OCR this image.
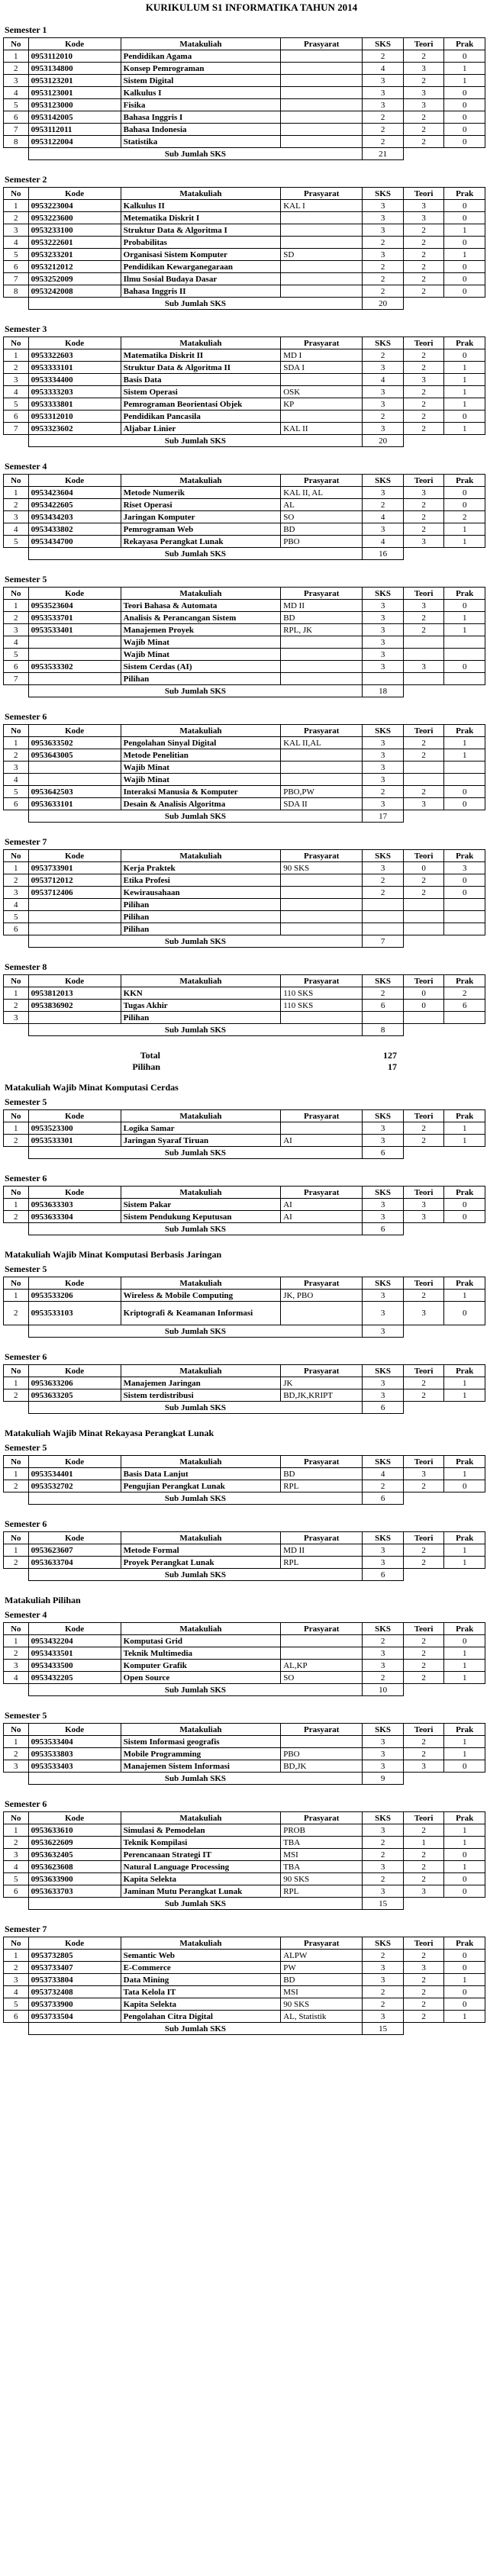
KURIKULUM S1 INFORMATIKA TAHUN 2014
Semester 1
No	Kode	Matakuliah	Prasyarat	SKS	Teori	Prak
1	0953112010	Pendidikan Agama		2	2	0
2	0953134800	Konsep Pemrograman		4	3	1
3	0953123201	Sistem Digital		3	2	1
4	0953123001	Kalkulus I		3	3	0
5	0953123000	Fisika		3	3	0
6	0953142005	Bahasa Inggris I		2	2	0
7	0953112011	Bahasa Indonesia		2	2	0
8	0953122004	Statistika		2	2	0
	Sub Jumlah SKS			21		
Semester 2
No	Kode	Matakuliah	Prasyarat	SKS	Teori	Prak
1	0953223004	Kalkulus II	KAL I	3	3	0
2	0953223600	Metematika Diskrit I		3	3	0
3	0953233100	Struktur Data & Algoritma I		3	2	1
4	0953222601	Probabilitas		2	2	0
5	0953233201	Organisasi Sistem Komputer	SD	3	2	1
6	0953212012	Pendidikan Kewarganegaraan		2	2	0
7	0953252009	Ilmu Sosial Budaya Dasar		2	2	0
8	0953242008	Bahasa Inggris II		2	2	0
	Sub Jumlah SKS			20		
Semester 3
No	Kode	Matakuliah	Prasyarat	SKS	Teori	Prak
1	0953322603	Matematika Diskrit II	MD I	2	2	0
2	0953333101	Struktur Data & Algoritma II	SDA I	3	2	1
3	0953334400	Basis Data		4	3	1
4	0953333203	Sistem Operasi	OSK	3	2	1
5	0953333801	Pemrograman Beorientasi Objek	KP	3	2	1
6	0953312010	Pendidikan Pancasila		2	2	0
7	0953323602	Aljabar Linier	KAL II	3	2	1
	Sub Jumlah SKS			20		
Semester 4
No	Kode	Matakuliah	Prasyarat	SKS	Teori	Prak
1	0953423604	Metode Numerik	KAL II, AL	3	3	0
2	0953422605	Riset Operasi	AL	2	2	0
3	0953434203	Jaringan Komputer	SO	4	2	2
4	0953433802	Pemrograman Web	BD	3	2	1
5	0953434700	Rekayasa Perangkat Lunak	PBO	4	3	1
	Sub Jumlah SKS			16		
Semester 5
No	Kode	Matakuliah	Prasyarat	SKS	Teori	Prak
1	0953523604	Teori Bahasa & Automata	MD II	3	3	0
2	0953533701	Analisis & Perancangan Sistem	BD	3	2	1
3	0953533401	Manajemen Proyek	RPL, JK	3	2	1
4		Wajib Minat		3		
5		Wajib Minat		3		
6	0953533302	Sistem Cerdas (AI)		3	3	0
7		Pilihan				
	Sub Jumlah SKS			18		
Semester 6
No	Kode	Matakuliah	Prasyarat	SKS	Teori	Prak
1	0953633502	Pengolahan Sinyal Digital	KAL II,AL	3	2	1
2	0953643005	Metode Penelitian		3	2	1
3		Wajib Minat		3		
4		Wajib Minat		3		
5	0953642503	Interaksi Manusia & Komputer	PBO,PW	2	2	0
6	0953633101	Desain & Analisis Algoritma	SDA II	3	3	0
	Sub Jumlah SKS			17		
Semester 7
No	Kode	Matakuliah	Prasyarat	SKS	Teori	Prak
1	0953733901	Kerja Praktek	90 SKS	3	0	3
2	0953712012	Etika Profesi		2	2	0
3	0953712406	Kewirausahaan		2	2	0
4		Pilihan				
5		Pilihan				
6		Pilihan				
	Sub Jumlah SKS			7		
Semester 8
No	Kode	Matakuliah	Prasyarat	SKS	Teori	Prak
1	0953812013	KKN	110 SKS	2	0	2
2	0953836902	Tugas Akhir	110 SKS	6	0	6
3		Pilihan				
	Sub Jumlah SKS			8		
Total	127
Pilihan	17
Matakuliah Wajib Minat Komputasi Cerdas
Semester 5
No	Kode	Matakuliah	Prasyarat	SKS	Teori	Prak
1	0953523300	Logika Samar		3	2	1
2	0953533301	Jaringan Syaraf Tiruan	AI	3	2	1
	Sub Jumlah SKS			6		
Semester 6
No	Kode	Matakuliah	Prasyarat	SKS	Teori	Prak
1	0953633303	Sistem Pakar	AI	3	3	0
2	0953633304	Sistem Pendukung Keputusan	AI	3	3	0
	Sub Jumlah SKS			6		
Matakuliah Wajib Minat Komputasi Berbasis Jaringan
Semester 5
No	Kode	Matakuliah	Prasyarat	SKS	Teori	Prak
1	0953533206	Wireless & Mobile Computing	JK, PBO	3	2	1
2	0953533103	Kriptografi & Keamanan Informasi		3	3	0
	Sub Jumlah SKS			3		
Semester 6
No	Kode	Matakuliah	Prasyarat	SKS	Teori	Prak
1	0953633206	Manajemen Jaringan	JK	3	2	1
2	0953633205	Sistem terdistribusi	BD,JK,KRIPT	3	2	1
	Sub Jumlah SKS			6		
Matakuliah Wajib Minat Rekayasa Perangkat Lunak
Semester 5
No	Kode	Matakuliah	Prasyarat	SKS	Teori	Prak
1	0953534401	Basis Data Lanjut	BD	4	3	1
2	0953532702	Pengujian Perangkat Lunak	RPL	2	2	0
	Sub Jumlah SKS			6		
Semester 6
No	Kode	Matakuliah	Prasyarat	SKS	Teori	Prak
1	0953623607	Metode Formal	MD II	3	2	1
2	0953633704	Proyek Perangkat Lunak	RPL	3	2	1
	Sub Jumlah SKS			6		
Matakuliah Pilihan
Semester 4
No	Kode	Matakuliah	Prasyarat	SKS	Teori	Prak
1	0953432204	Komputasi Grid		2	2	0
2	0953433501	Teknik Multimedia		3	2	1
3	0953433500	Komputer Grafik	AL,KP	3	2	1
4	0953432205	Open Source	SO	2	2	1
	Sub Jumlah SKS			10		
Semester 5
No	Kode	Matakuliah	Prasyarat	SKS	Teori	Prak
1	0953533404	Sistem Informasi geografis		3	2	1
2	0953533803	Mobile Programming	PBO	3	2	1
3	0953533403	Manajemen Sistem Informasi	BD,JK	3	3	0
	Sub Jumlah SKS			9		
Semester 6
No	Kode	Matakuliah	Prasyarat	SKS	Teori	Prak
1	0953633610	Simulasi & Pemodelan	PROB	3	2	1
2	0953622609	Teknik Kompilasi	TBA	2	1	1
3	0953632405	Perencanaan Strategi IT	MSI	2	2	0
4	0953623608	Natural Language Processing	TBA	3	2	1
5	0953633900	Kapita Selekta	90 SKS	2	2	0
6	0953633703	Jaminan Mutu Perangkat Lunak	RPL	3	3	0
	Sub Jumlah SKS			15		
Semester 7
No	Kode	Matakuliah	Prasyarat	SKS	Teori	Prak
1	0953732805	Semantic Web	ALPW	2	2	0
2	0953733407	E-Commerce	PW	3	3	0
3	0953733804	Data Mining	BD	3	2	1
4	0953732408	Tata Kelola IT	MSI	2	2	0
5	0953733900	Kapita Selekta	90 SKS	2	2	0
6	0953733504	Pengolahan Citra Digital	AL, Statistik	3	2	1
	Sub Jumlah SKS			15		
